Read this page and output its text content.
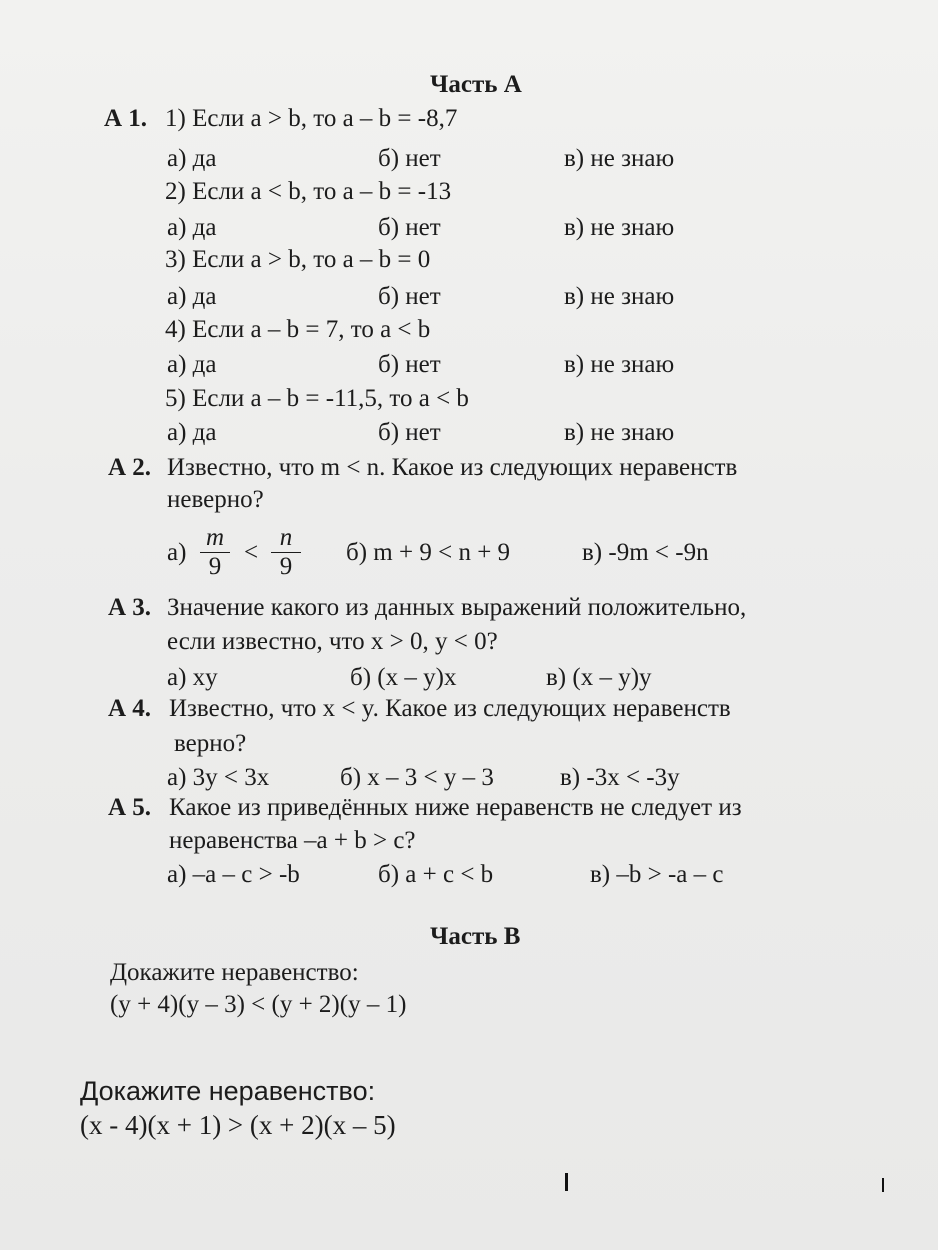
Часть А
А 1. 1) Если a > b, то a – b = -8,7
а) да	б) нет	в) не знаю
2) Если a < b, то a – b = -13
а) да	б) нет	в) не знаю
3) Если a > b, то a – b = 0
а) да	б) нет	в) не знаю
4) Если a – b = 7, то a < b
а) да	б) нет	в) не знаю
5) Если a – b = -11,5, то a < b
а) да	б) нет	в) не знаю
А 2. Известно, что m < n. Какое из следующих неравенств
неверно?
$а) \frac{m}{9} < \frac{n}{9} б$) m + 9 < n + 9	в) -9m < -9n
А 3. Значение какого из данных выражений положительно,
если известно, что x > 0, y < 0?
а) xy	б) (x – y)x	в) (x – y)y
А 4. Известно, что x < y. Какое из следующих неравенств
верно?
а) 3y < 3x	б) x – 3 < y – 3	в) -3x < -3y
А 5. Какое из приведённых ниже неравенств не следует из
неравенства –a + b > c?
а) –a – c > -b	б) a + c < b	в) –b > -a – c
Часть В
Докажите неравенство:
(y + 4)(y – 3) < (y + 2)(y – 1)
Докажите неравенство:
(x - 4)(x + 1) > (x + 2)(x – 5)
